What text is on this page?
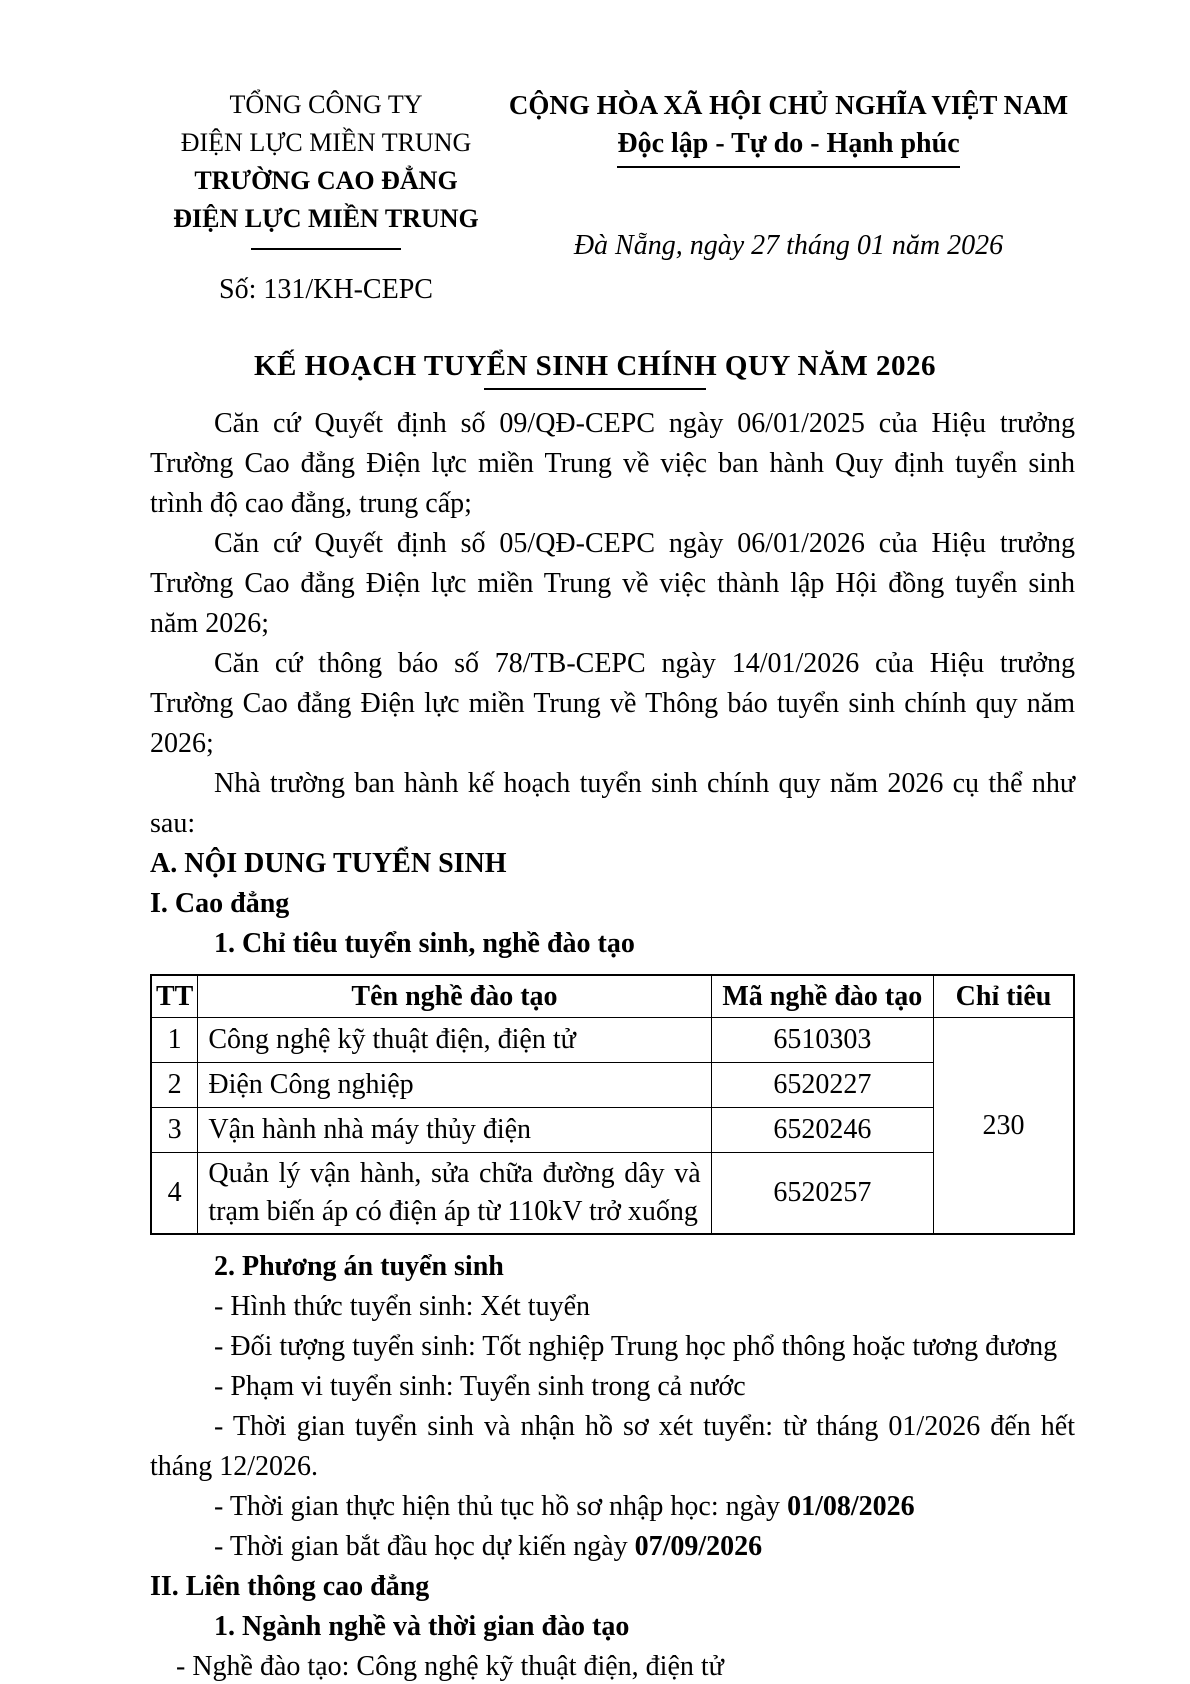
TỔNG CÔNG TY
ĐIỆN LỰC MIỀN TRUNG
TRƯỜNG CAO ĐẲNG
ĐIỆN LỰC MIỀN TRUNG
Số: 131/KH-CEPC
CỘNG HÒA XÃ HỘI CHỦ NGHĨA VIỆT NAM
Độc lập - Tự do - Hạnh phúc
Đà Nẵng, ngày 27 tháng 01 năm 2026
KẾ HOẠCH TUYỂN SINH CHÍNH QUY NĂM 2026

Căn cứ Quyết định số 09/QĐ-CEPC ngày 06/01/2025 của Hiệu trưởng Trường Cao đẳng Điện lực miền Trung về việc ban hành Quy định tuyển sinh trình độ cao đẳng, trung cấp;

Căn cứ Quyết định số 05/QĐ-CEPC ngày 06/01/2026 của Hiệu trưởng Trường Cao đẳng Điện lực miền Trung về việc thành lập Hội đồng tuyển sinh năm 2026;

Căn cứ thông báo số 78/TB-CEPC ngày 14/01/2026 của Hiệu trưởng Trường Cao đẳng Điện lực miền Trung về Thông báo tuyển sinh chính quy năm 2026;

Nhà trường ban hành kế hoạch tuyển sinh chính quy năm 2026 cụ thể như sau:

A. NỘI DUNG TUYỂN SINH

I. Cao đẳng

1. Chỉ tiêu tuyển sinh, nghề đào tạo

TT	Tên nghề đào tạo	Mã nghề đào tạo	Chỉ tiêu
1	Công nghệ kỹ thuật điện, điện tử	6510303	230
2	Điện Công nghiệp	6520227	
3	Vận hành nhà máy thủy điện	6520246	
4	Quản lý vận hành, sửa chữa đường dây và trạm biến áp có điện áp từ 110kV trở xuống	6520257	

2. Phương án tuyển sinh

- Hình thức tuyển sinh: Xét tuyển

- Đối tượng tuyển sinh: Tốt nghiệp Trung học phổ thông hoặc tương đương

- Phạm vi tuyển sinh: Tuyển sinh trong cả nước

- Thời gian tuyển sinh và nhận hồ sơ xét tuyển: từ tháng 01/2026 đến hết tháng 12/2026.

- Thời gian thực hiện thủ tục hồ sơ nhập học: ngày 01/08/2026

- Thời gian bắt đầu học dự kiến ngày 07/09/2026

II. Liên thông cao đẳng

1. Ngành nghề và thời gian đào tạo

- Nghề đào tạo: Công nghệ kỹ thuật điện, điện tử
